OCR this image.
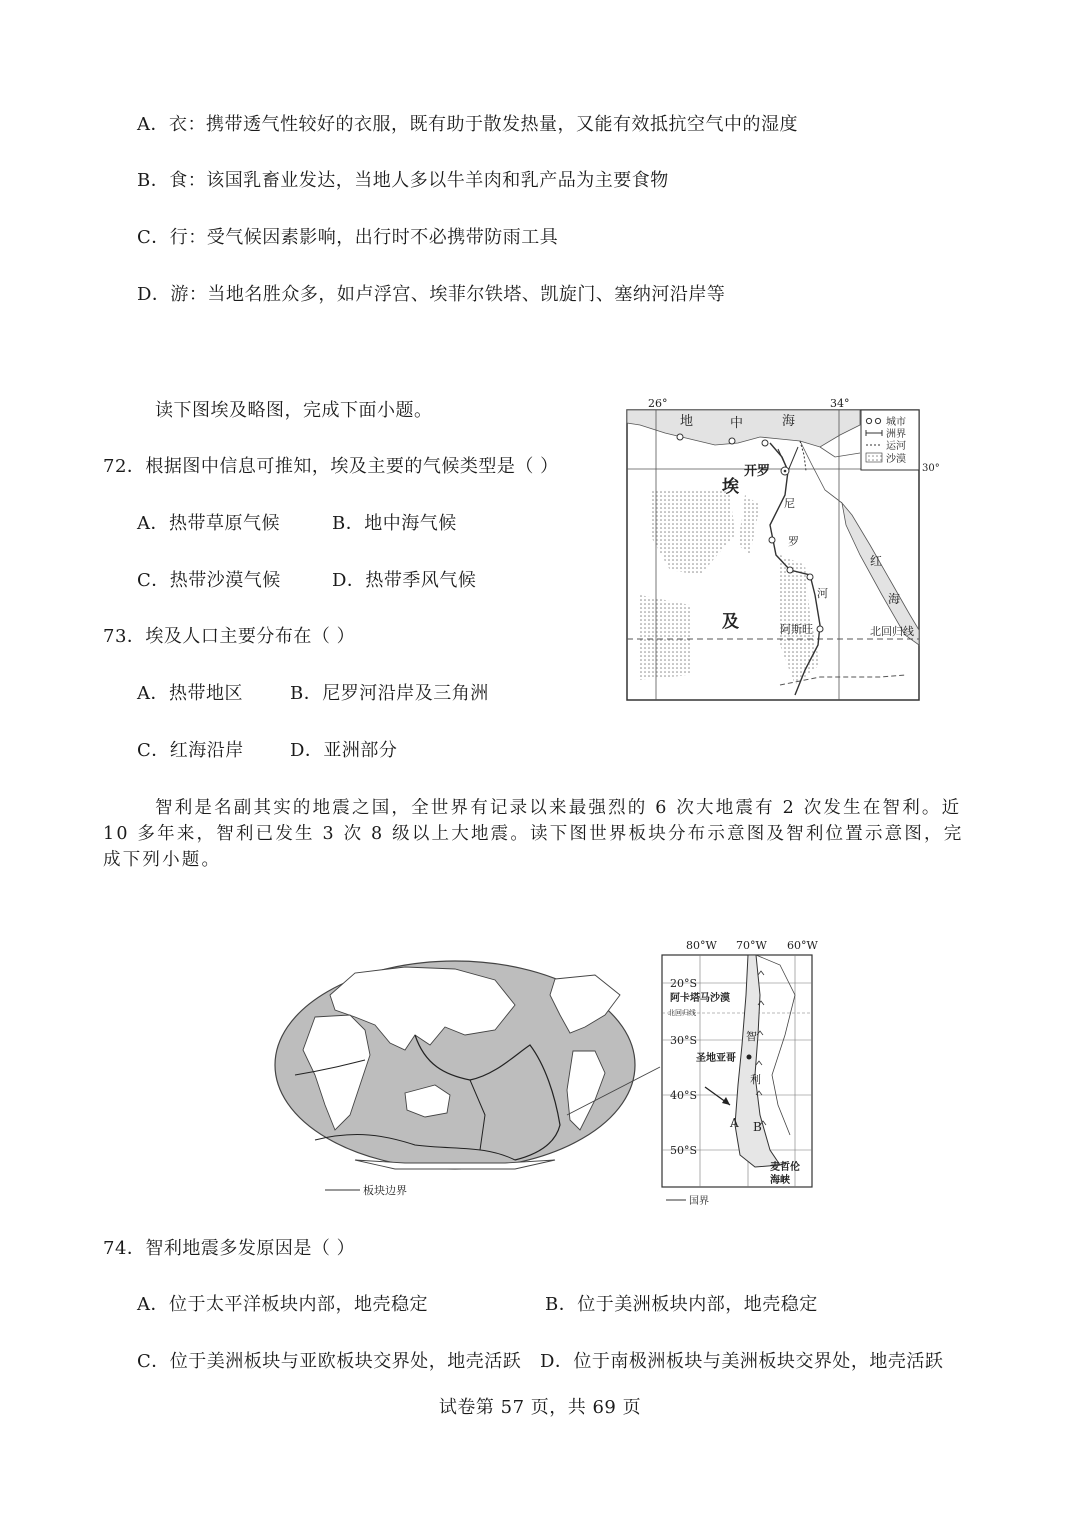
A．衣：携带透气性较好的衣服，既有助于散发热量，又能有效抵抗空气中的湿度
B．食：该国乳畜业发达，当地人多以牛羊肉和乳产品为主要食物
C．行：受气候因素影响，出行时不必携带防雨工具
D．游：当地名胜众多，如卢浮宫、埃菲尔铁塔、凯旋门、塞纳河沿岸等
读下图埃及略图，完成下面小题。
72．根据图中信息可推知，埃及主要的气候类型是（ ）
A．热带草原气候	B．地中海气候
C．热带沙漠气候	D．热带季风气候
73．埃及人口主要分布在（ ）
A．热带地区	B．尼罗河沿岸及三角洲
C．红海沿岸	D．亚洲部分
城市
洲界
运河
沙漠
26°	34°
30°
地	中	海
开罗
埃
及
尼
罗
河
阿斯旺
红
海
北回归线
智利是名副其实的地震之国，全世界有记录以来最强烈的 6 次大地震有 2 次发生在智利。近 10 多年来，智利已发生 3 次 8 级以上大地震。读下图世界板块分布示意图及智利位置示意图，完成下列小题。
板块边界
80°W 70°W 60°W
20°S
30°S
40°S
50°S
阿卡塔马沙漠
北回归线
智
利
圣地亚哥
A B
麦哲伦
海峡
国界
74．智利地震多发原因是（ ）
A．位于太平洋板块内部，地壳稳定	B．位于美洲板块内部，地壳稳定
C．位于美洲板块与亚欧板块交界处，地壳活跃 D．位于南极洲板块与美洲板块交界处，地壳活跃
试卷第 57 页，共 69 页
